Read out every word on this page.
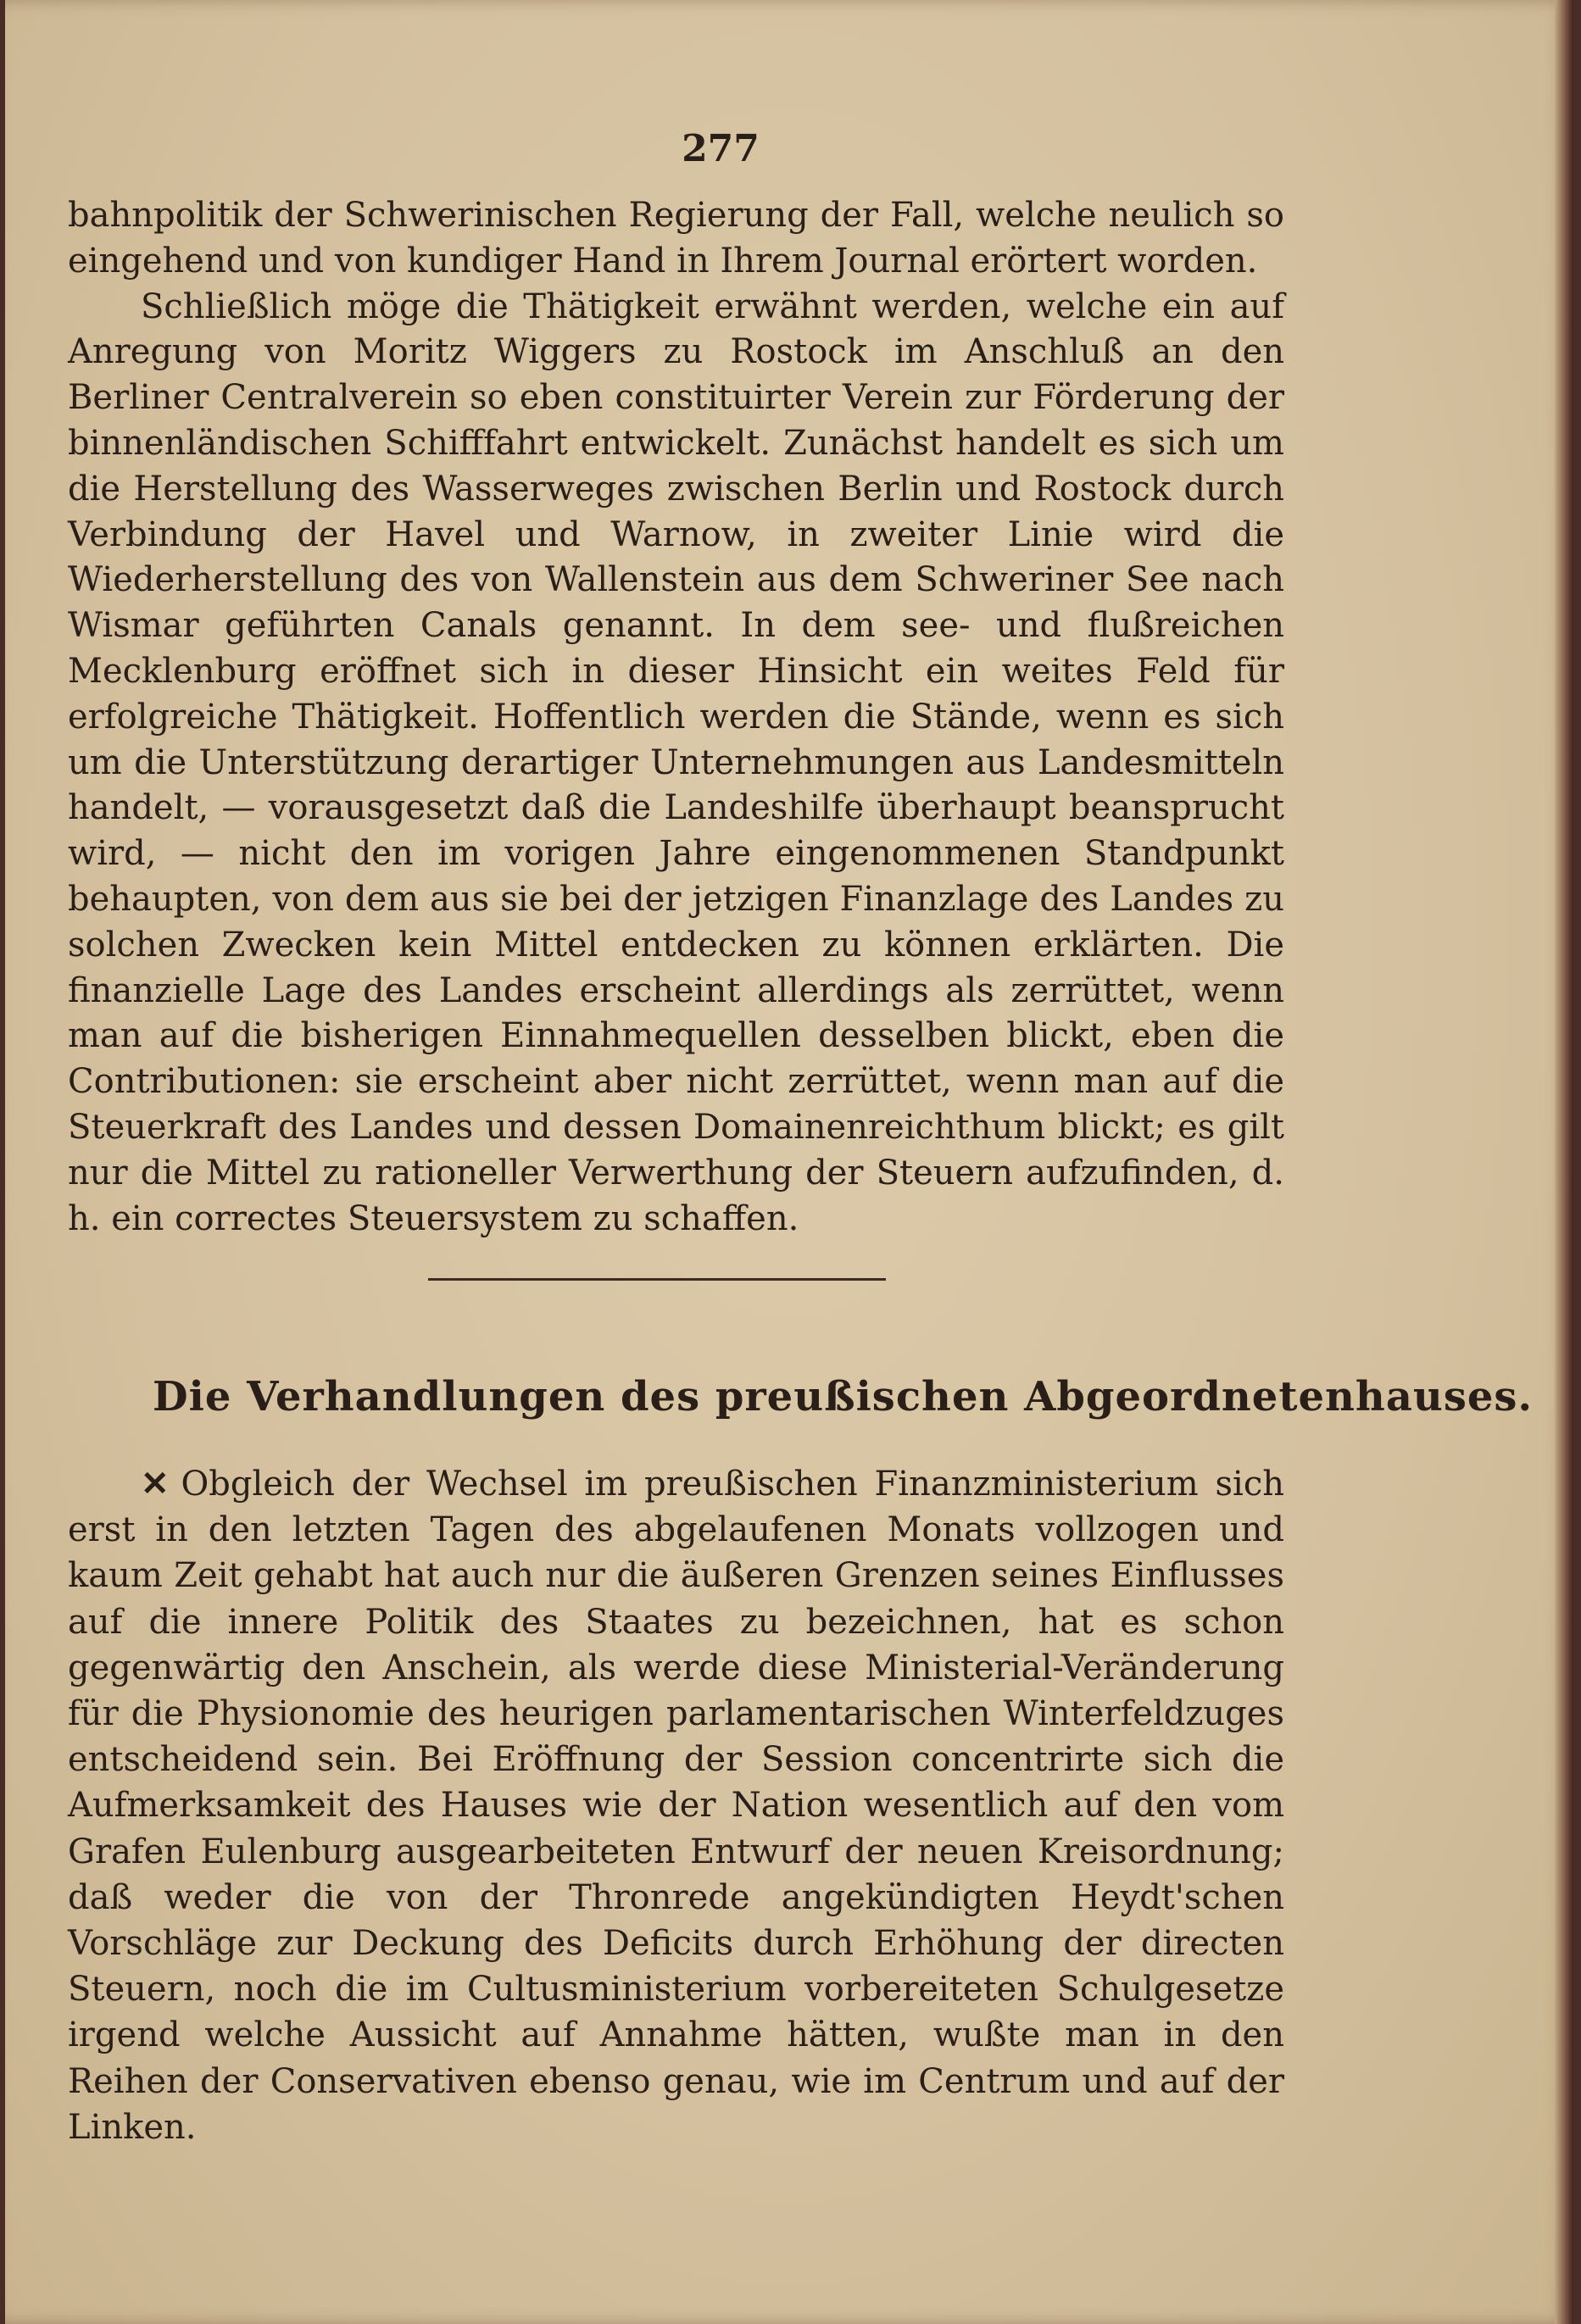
277

bahnpolitik der Schwerinischen Regierung der Fall, welche neulich so eingehend und von kundiger Hand in Ihrem Journal erörtert worden.

Schließlich möge die Thätigkeit erwähnt werden, welche ein auf Anregung von Moritz Wiggers zu Rostock im Anschluß an den Berliner Centralverein so eben constituirter Verein zur Förderung der binnenländischen Schifffahrt entwickelt. Zunächst handelt es sich um die Herstellung des Wasserweges zwischen Berlin und Rostock durch Verbindung der Havel und Warnow, in zweiter Linie wird die Wiederherstellung des von Wallenstein aus dem Schweriner See nach Wismar geführten Canals genannt. In dem see- und flußreichen Mecklenburg eröffnet sich in dieser Hinsicht ein weites Feld für erfolgreiche Thätigkeit. Hoffentlich werden die Stände, wenn es sich um die Unterstützung derartiger Unternehmungen aus Landesmitteln handelt, — vorausgesetzt daß die Landeshilfe überhaupt beansprucht wird, — nicht den im vorigen Jahre eingenommenen Standpunkt behaupten, von dem aus sie bei der jetzigen Finanzlage des Landes zu solchen Zwecken kein Mittel entdecken zu können erklärten. Die finanzielle Lage des Landes erscheint allerdings als zerrüttet, wenn man auf die bisherigen Einnahmequellen desselben blickt, eben die Contributionen: sie erscheint aber nicht zerrüttet, wenn man auf die Steuerkraft des Landes und dessen Domainenreichthum blickt; es gilt nur die Mittel zu rationeller Verwerthung der Steuern aufzufinden, d. h. ein correctes Steuersystem zu schaffen.

Die Verhandlungen des preußischen Abgeordnetenhauses.

✕ Obgleich der Wechsel im preußischen Finanzministerium sich erst in den letzten Tagen des abgelaufenen Monats vollzogen und kaum Zeit gehabt hat auch nur die äußeren Grenzen seines Einflusses auf die innere Politik des Staates zu bezeichnen, hat es schon gegenwärtig den Anschein, als werde diese Ministerial-Veränderung für die Physionomie des heurigen parlamentarischen Winterfeldzuges entscheidend sein. Bei Eröffnung der Session concentrirte sich die Aufmerksamkeit des Hauses wie der Nation wesentlich auf den vom Grafen Eulenburg ausgearbeiteten Entwurf der neuen Kreisordnung; daß weder die von der Thronrede angekündigten Heydt'schen Vorschläge zur Deckung des Deficits durch Erhöhung der directen Steuern, noch die im Cultusministerium vorbereiteten Schulgesetze irgend welche Aussicht auf Annahme hätten, wußte man in den Reihen der Conservativen ebenso genau, wie im Centrum und auf der Linken.
